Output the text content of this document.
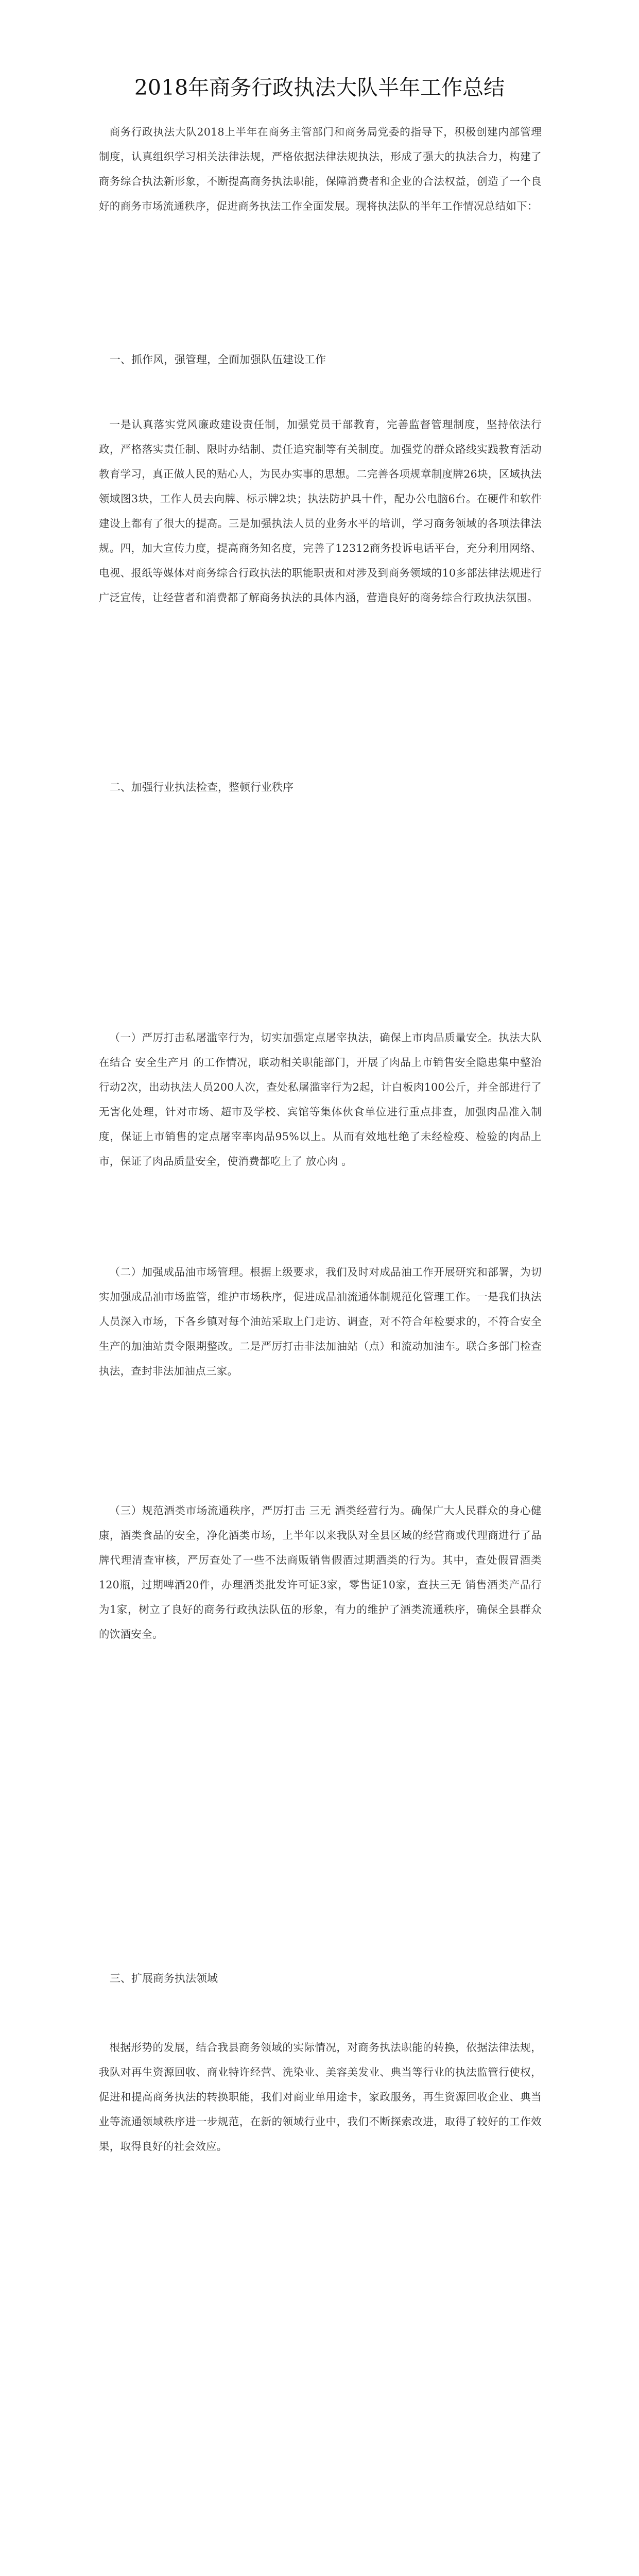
2018年商务行政执法大队半年工作总结

商务行政执法大队2018上半年在商务主管部门和商务局党委的指导下，积极创建内部管理制度，认真组织学习相关法律法规，严格依据法律法规执法，形成了强大的执法合力，构建了商务综合执法新形象，不断提高商务执法职能，保障消费者和企业的合法权益，创造了一个良好的商务市场流通秩序，促进商务执法工作全面发展。现将执法队的半年工作情况总结如下：

一、抓作风，强管理，全面加强队伍建设工作

一是认真落实党风廉政建设责任制，加强党员干部教育，完善监督管理制度，坚持依法行政，严格落实责任制、限时办结制、责任追究制等有关制度。加强党的群众路线实践教育活动教育学习，真正做人民的贴心人，为民办实事的思想。二完善各项规章制度牌26块，区域执法领域图3块，工作人员去向牌、标示牌2块；执法防护具十件，配办公电脑6台。在硬件和软件建设上都有了很大的提高。三是加强执法人员的业务水平的培训，学习商务领域的各项法律法规。四，加大宣传力度，提高商务知名度，完善了12312商务投诉电话平台，充分利用网络、电视、报纸等媒体对商务综合行政执法的职能职责和对涉及到商务领域的10多部法律法规进行广泛宣传，让经营者和消费都了解商务执法的具体内涵，营造良好的商务综合行政执法氛围。

二、加强行业执法检查，整顿行业秩序

（一）严厉打击私屠滥宰行为，切实加强定点屠宰执法，确保上市肉品质量安全。执法大队在结合 安全生产月 的工作情况，联动相关职能部门，开展了肉品上市销售安全隐患集中整治行动2次，出动执法人员200人次，查处私屠滥宰行为2起，计白板肉100公斤，并全部进行了无害化处理，针对市场、超市及学校、宾馆等集体伙食单位进行重点排查，加强肉品准入制度，保证上市销售的定点屠宰率肉品95%以上。从而有效地杜绝了未经检疫、检验的肉品上市，保证了肉品质量安全，使消费都吃上了 放心肉 。

（二）加强成品油市场管理。根据上级要求，我们及时对成品油工作开展研究和部署，为切实加强成品油市场监管，维护市场秩序，促进成品油流通体制规范化管理工作。一是我们执法人员深入市场，下各乡镇对每个油站采取上门走访、调查，对不符合年检要求的，不符合安全生产的加油站责令限期整改。二是严厉打击非法加油站（点）和流动加油车。联合多部门检查执法，查封非法加油点三家。

（三）规范酒类市场流通秩序，严厉打击 三无 酒类经营行为。确保广大人民群众的身心健康，酒类食品的安全，净化酒类市场，上半年以来我队对全县区域的经营商或代理商进行了品牌代理清查审核，严厉查处了一些不法商贩销售假酒过期酒类的行为。其中，查处假冒酒类120瓶，过期啤酒20件，办理酒类批发许可证3家，零售证10家，查扶三无 销售酒类产品行为1家，树立了良好的商务行政执法队伍的形象，有力的维护了酒类流通秩序，确保全县群众的饮酒安全。

三、扩展商务执法领域

根据形势的发展，结合我县商务领域的实际情况，对商务执法职能的转换，依据法律法规，我队对再生资源回收、商业特许经营、洗染业、美容美发业、典当等行业的执法监管行使权，促进和提高商务执法的转换职能，我们对商业单用途卡，家政服务，再生资源回收企业、典当业等流通领域秩序进一步规范，在新的领域行业中，我们不断探索改进，取得了较好的工作效果，取得良好的社会效应。
